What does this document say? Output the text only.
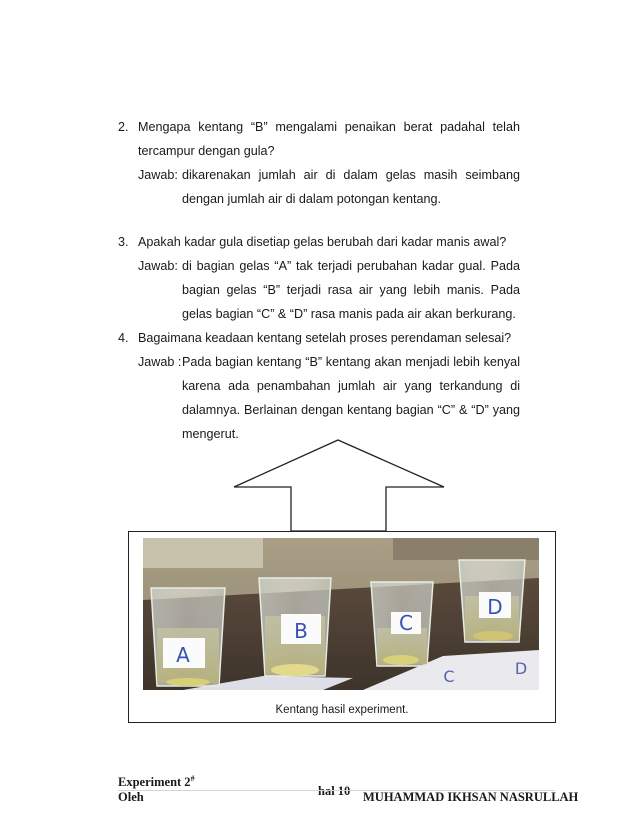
2. Mengapa kentang “B” mengalami penaikan berat padahal telah
tercampur dengan gula?
Jawab: dikarenakan jumlah air di dalam gelas masih seimbang
dengan jumlah air di dalam potongan kentang.
3. Apakah kadar gula disetiap gelas berubah dari kadar manis awal?
Jawab: di bagian gelas “A” tak terjadi perubahan kadar gual. Pada
bagian gelas “B” terjadi rasa air yang lebih manis. Pada
gelas bagian “C” & “D” rasa manis pada air akan berkurang.
4. Bagaimana keadaan kentang setelah proses perendaman selesai?
Jawab : Pada bagian kentang “B” kentang akan menjadi lebih kenyal
karena ada penambahan jumlah air yang terkandung di
dalamnya. Berlainan dengan kentang bagian “C” & “D” yang
mengerut.
A
B	C
D
C	D
Kentang hasil experiment.
Experiment 2#
hal 10
Oleh	MUHAMMAD IKHSAN NASRULLAH
